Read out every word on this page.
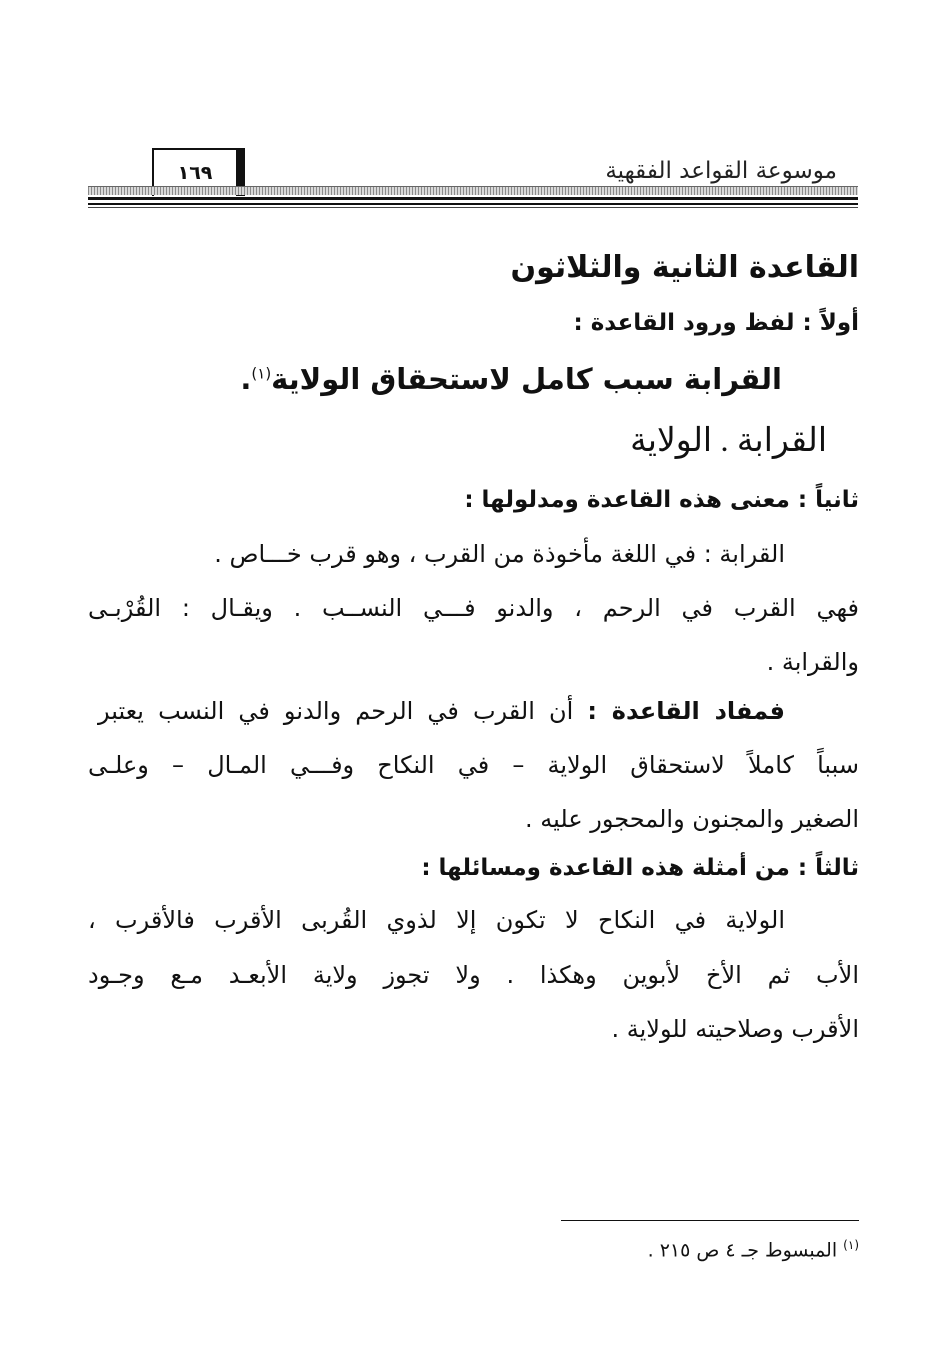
موسوعة القواعد الفقهية
١٦٩
القاعدة الثانية والثلاثون
أولاً : لفظ ورود القاعدة :
القرابة سبب كامل لاستحقاق الولاية$^{(١)}$.
القرابة . الولاية
ثانياً : معنى هذه القاعدة ومدلولها :
القرابة : في اللغة مأخوذة من القرب ، وهو قرب خـــاص .
فهي القرب في الرحم ، والدنو فـــي النســب . ويقـال : القُرْبـى
والقرابة .
فمفاد القاعدة : أن القرب في الرحم والدنو في النسب يعتبر
سبباً كاملاً لاستحقاق الولاية – في النكاح وفـــي المـال – وعلـى
الصغير والمجنون والمحجور عليه .
ثالثاً : من أمثلة هذه القاعدة ومسائلها :
الولاية في النكاح لا تكون إلا لذوي القُربى الأقرب فالأقرب ،
الأب ثم الأخ لأبوين وهكذا . ولا تجوز ولاية الأبعـد مـع وجـود
الأقرب وصلاحيته للولاية .
$^{(١)}$ المبسوط جـ ٤ ص ٢١٥ .
